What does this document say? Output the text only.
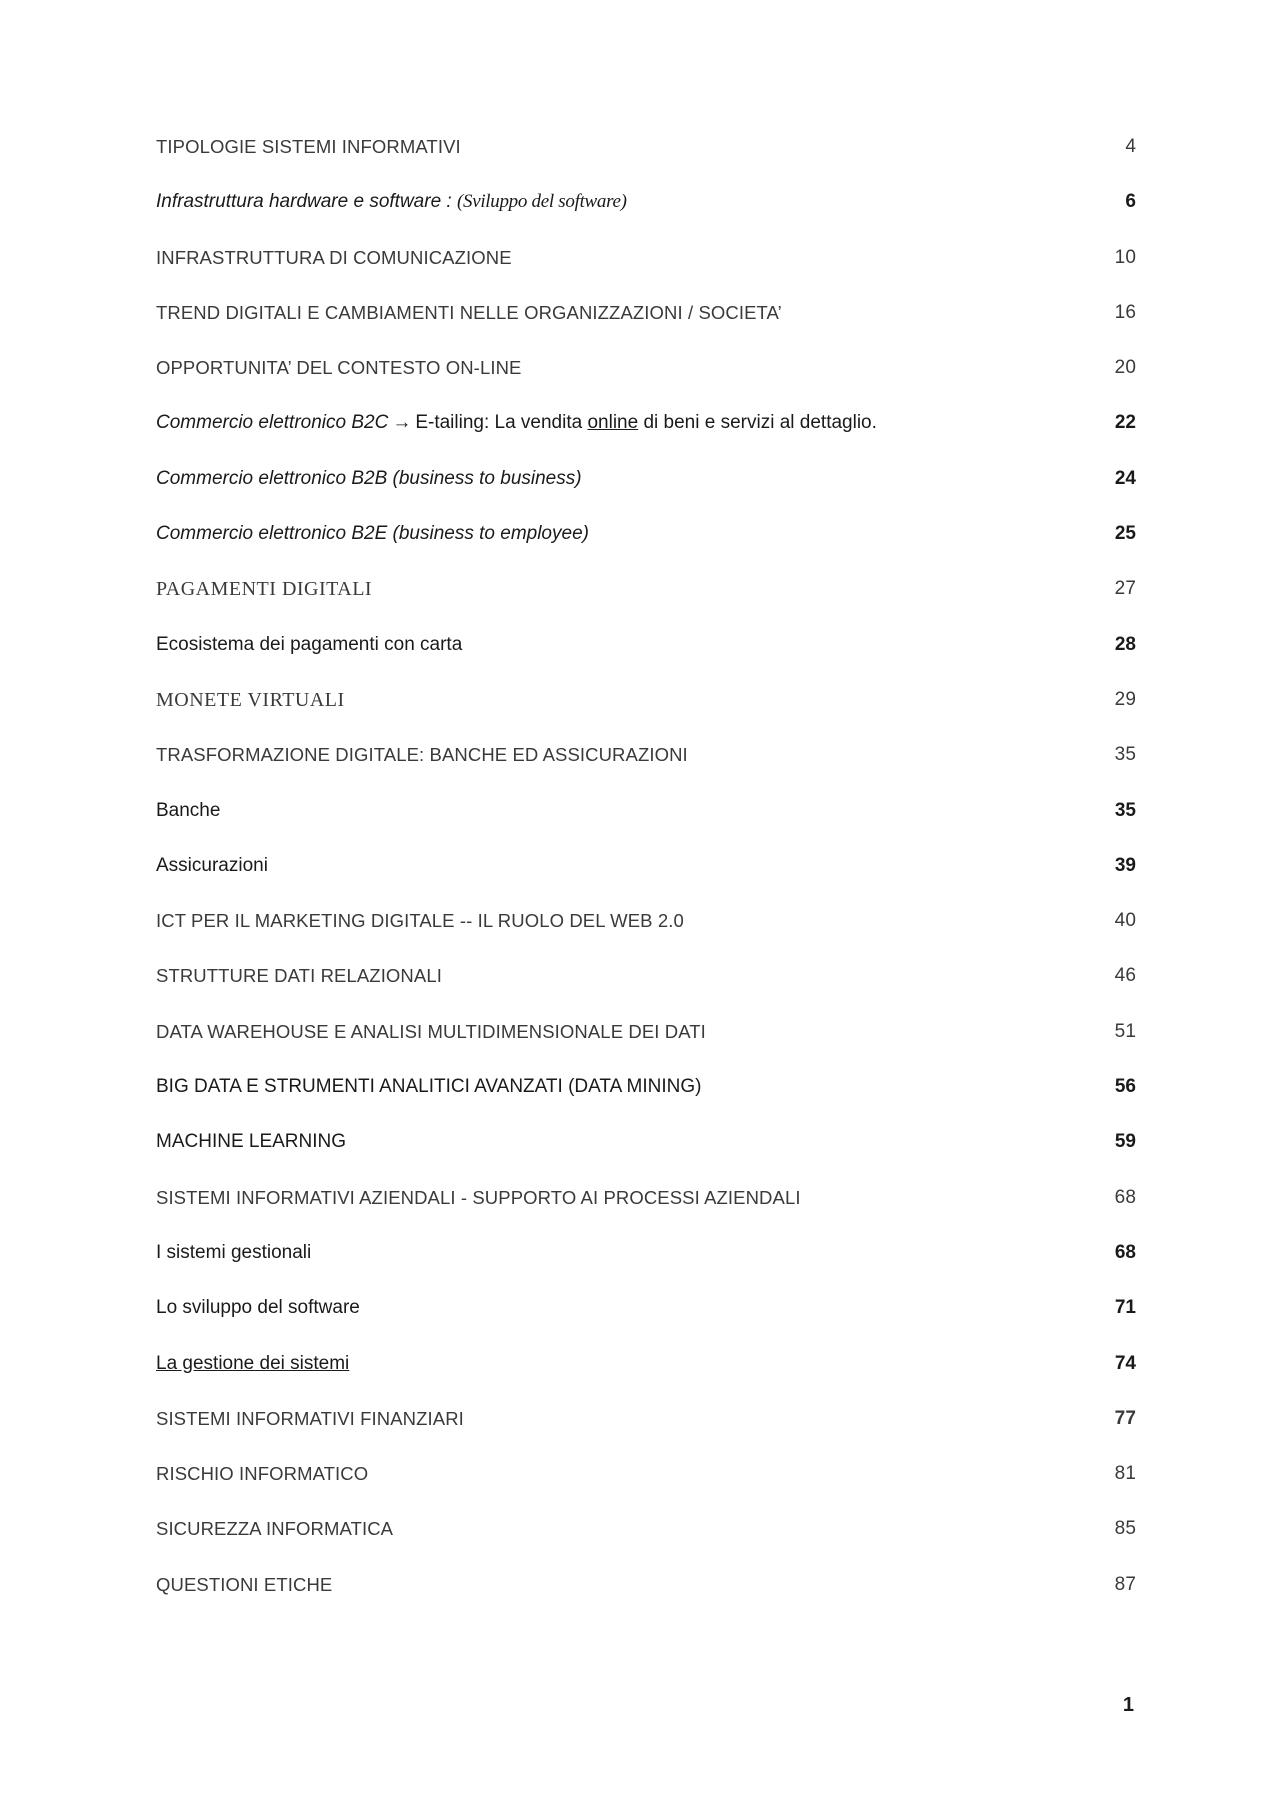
TIPOLOGIE SISTEMI INFORMATIVI	4
Infrastruttura hardware e software : (Sviluppo del software)	6
INFRASTRUTTURA DI COMUNICAZIONE	10
TREND DIGITALI E CAMBIAMENTI NELLE ORGANIZZAZIONI / SOCIETA’	16
OPPORTUNITA’ DEL CONTESTO ON-LINE	20
Commercio elettronico B2C → E-tailing: La vendita online di beni e servizi al dettaglio.	22
Commercio elettronico B2B (business to business)	24
Commercio elettronico B2E (business to employee)	25
PAGAMENTI DIGITALI	27
Ecosistema dei pagamenti con carta	28
MONETE VIRTUALI	29
TRASFORMAZIONE DIGITALE: BANCHE ED ASSICURAZIONI	35
Banche	35
Assicurazioni	39
ICT PER IL MARKETING DIGITALE -- IL RUOLO DEL WEB 2.0	40
STRUTTURE DATI RELAZIONALI	46
DATA WAREHOUSE E ANALISI MULTIDIMENSIONALE DEI DATI	51
BIG DATA E STRUMENTI ANALITICI AVANZATI (DATA MINING)	56
MACHINE LEARNING	59
SISTEMI INFORMATIVI AZIENDALI - SUPPORTO AI PROCESSI AZIENDALI	68
I sistemi gestionali	68
Lo sviluppo del software	71
La gestione dei sistemi	74
SISTEMI INFORMATIVI FINANZIARI	77
RISCHIO INFORMATICO	81
SICUREZZA INFORMATICA	85
QUESTIONI ETICHE	87
1
